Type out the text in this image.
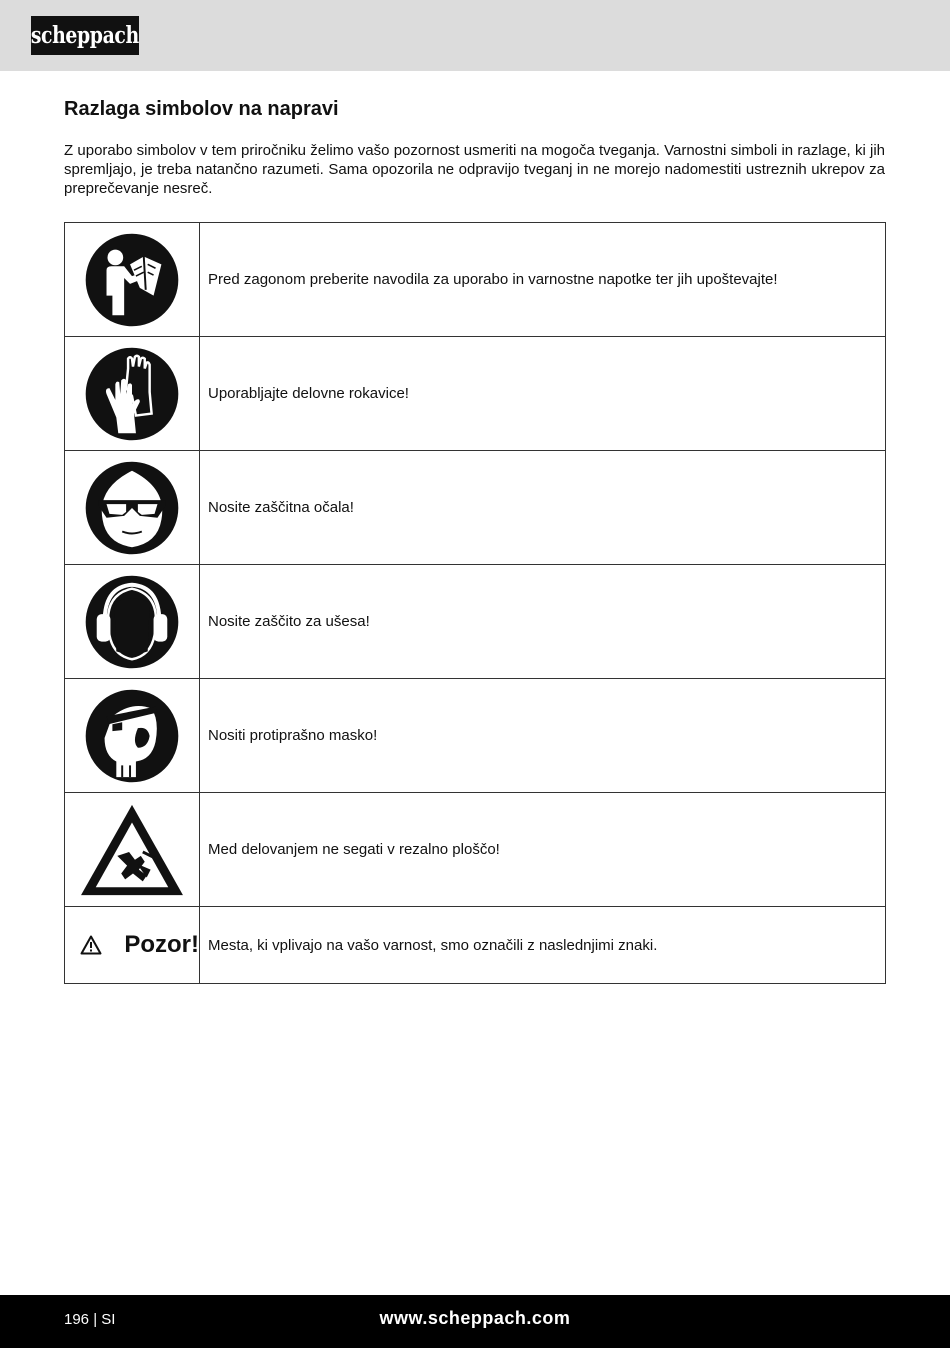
scheppach
Razlaga simbolov na napravi

Z uporabo simbolov v tem priročniku želimo vašo pozornost usmeriti na mogoča tveganja. Varnostni simboli in razlage, ki jih spremljajo, je treba natančno razumeti. Sama opozorila ne odpravijo tveganj in ne morejo nadomestiti ustreznih ukrepov za preprečevanje nesreč.

	Pred zagonom preberite navodila za uporabo in varnostne napotke ter jih upoštevajte!

	Uporabljajte delovne rokavice!

	Nosite zaščitna očala!

	Nosite zaščito za ušesa!

	Nositi protiprašno masko!

	Med delovanjem ne segati v rezalno ploščo!

Pozor!	Mesta, ki vplivajo na vašo varnost, smo označili z naslednjimi znaki.
196 | SI	www.scheppach.com
